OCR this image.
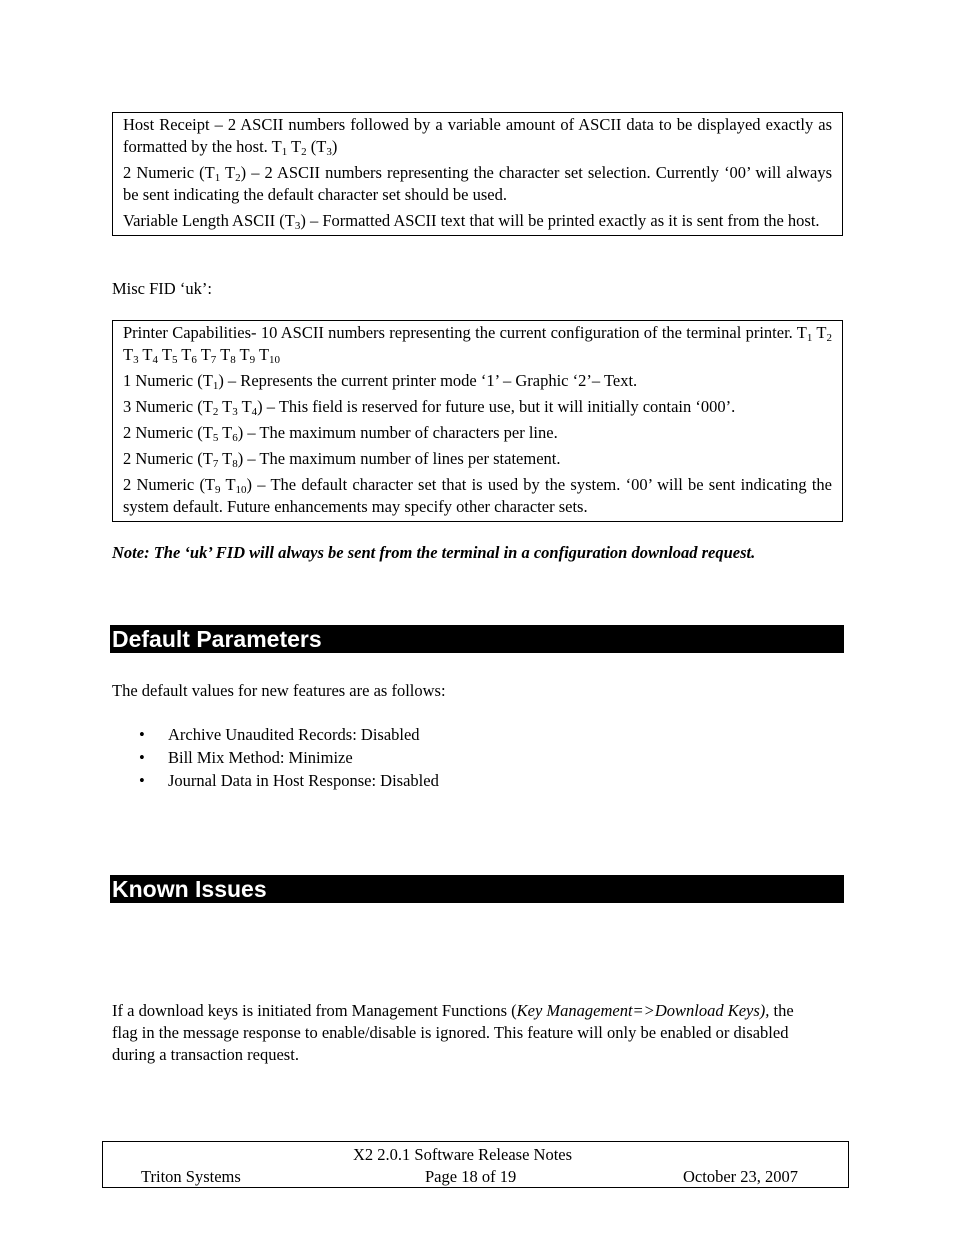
Host Receipt – 2 ASCII numbers followed by a variable amount of ASCII data to be displayed exactly as formatted by the host. $T_1$ $T_2$ $(T_3)$

2 Numeric ($T_1$ $T_2) - 2$ ASCII numbers representing the character set selection. Currently ‘00’ will always be sent indicating the default character set should be used.

Variable Length ASCII $(T_3)$ – Formatted ASCII text that will be printed exactly as it is sent from the host.

Misc FID ‘uk’:

Printer Capabilities- 10 ASCII numbers representing the current configuration of the terminal printer. $T_1$ $T_2$ $T_3$ $T_4$ $T_5$ $T_6$ $T_7$ $T_8$ $T_9$ $T_{10}$

1 Numeric $(T_1)$ – Represents the current printer mode ‘1’ – Graphic ‘2’– Text.

3 Numeric ($T_2$ $T_3$ $T_4$) – This field is reserved for future use, but it will initially contain ‘000’.

2 Numeric ($T_5$ $T_6$) – The maximum number of characters per line.

2 Numeric ($T_7$ $T_8$) – The maximum number of lines per statement.

2 Numeric ($T_9$ $T_{10}$) – The default character set that is used by the system. ‘00’ will be sent indicating the system default. Future enhancements may specify other character sets.

Note: The ‘uk’ FID will always be sent from the terminal in a configuration download request.

Default Parameters

The default values for new features are as follows:

• Archive Unaudited Records: Disabled
• Bill Mix Method: Minimize
• Journal Data in Host Response: Disabled
Known Issues

If a download keys is initiated from Management Functions (Key Management=>Download Keys), the flag in the message response to enable/disable is ignored. This feature will only be enabled or disabled during a transaction request.

X2 2.0.1 Software Release Notes
Triton Systems	Page 18 of 19	October 23, 2007
